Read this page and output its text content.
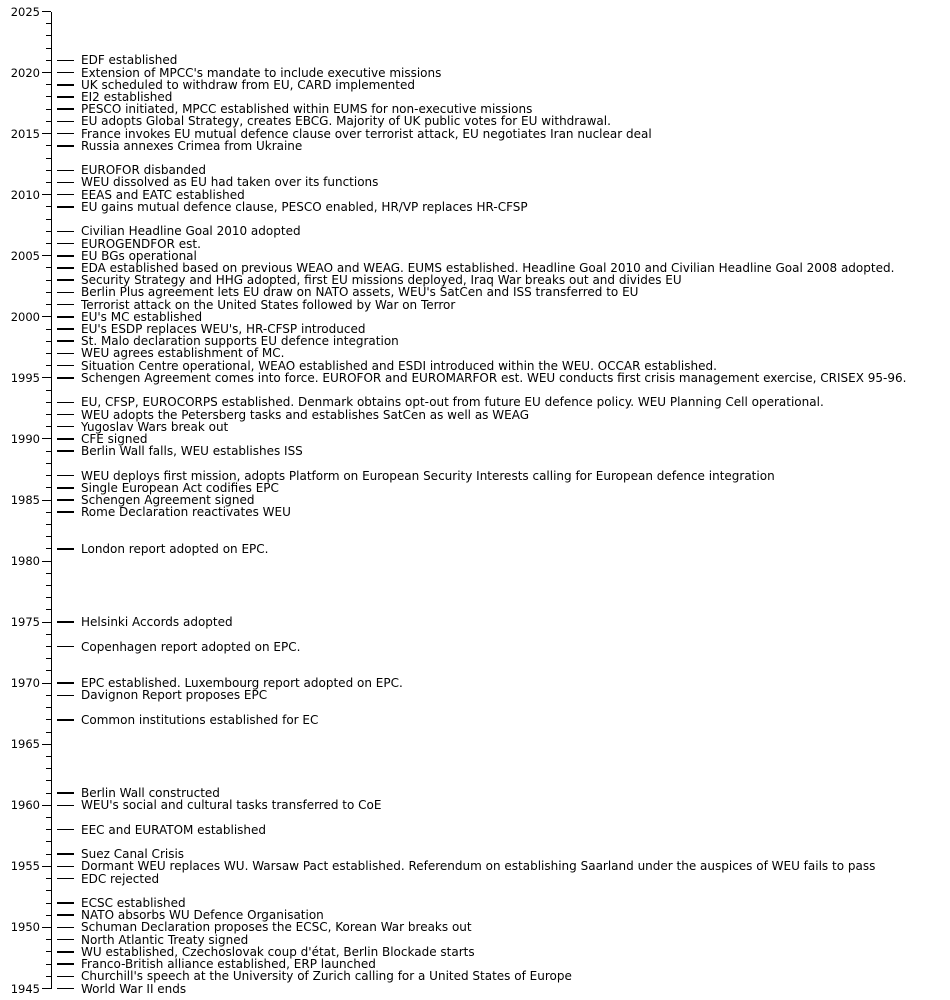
1945
1950
1955
1960
1965
1970
1975
1980
1985
1990
1995
2000
2005
2010
2015
2020
2025
EDF established
Extension of MPCC's mandate to include executive missions
UK scheduled to withdraw from EU, CARD implemented
EI2 established
PESCO initiated, MPCC established within EUMS for non-executive missions
EU adopts Global Strategy, creates EBCG. Majority of UK public votes for EU withdrawal.
France invokes EU mutual defence clause over terrorist attack, EU negotiates Iran nuclear deal
Russia annexes Crimea from Ukraine
EUROFOR disbanded
WEU dissolved as EU had taken over its functions
EEAS and EATC established
EU gains mutual defence clause, PESCO enabled, HR/VP replaces HR-CFSP
Civilian Headline Goal 2010 adopted
EUROGENDFOR est.
EU BGs operational
EDA established based on previous WEAO and WEAG. EUMS established. Headline Goal 2010 and Civilian Headline Goal 2008 adopted.
Security Strategy and HHG adopted, first EU missions deployed, Iraq War breaks out and divides EU
Berlin Plus agreement lets EU draw on NATO assets, WEU's SatCen and ISS transferred to EU
Terrorist attack on the United States followed by War on Terror
EU's MC established
EU's ESDP replaces WEU's, HR-CFSP introduced
St. Malo declaration supports EU defence integration
WEU agrees establishment of MC.
Situation Centre operational, WEAO established and ESDI introduced within the WEU. OCCAR established.
Schengen Agreement comes into force. EUROFOR and EUROMARFOR est. WEU conducts first crisis management exercise, CRISEX 95-96.
EU, CFSP, EUROCORPS established. Denmark obtains opt-out from future EU defence policy. WEU Planning Cell operational.
WEU adopts the Petersberg tasks and establishes SatCen as well as WEAG
Yugoslav Wars break out
CFE signed
Berlin Wall falls, WEU establishes ISS
WEU deploys first mission, adopts Platform on European Security Interests calling for European defence integration
Single European Act codifies EPC
Schengen Agreement signed
Rome Declaration reactivates WEU
London report adopted on EPC.
Helsinki Accords adopted
Copenhagen report adopted on EPC.
EPC established. Luxembourg report adopted on EPC.
Davignon Report proposes EPC
Common institutions established for EC
Berlin Wall constructed
WEU's social and cultural tasks transferred to CoE
EEC and EURATOM established
Suez Canal Crisis
Dormant WEU replaces WU. Warsaw Pact established. Referendum on establishing Saarland under the auspices of WEU fails to pass
EDC rejected
ECSC established
NATO absorbs WU Defence Organisation
Schuman Declaration proposes the ECSC, Korean War breaks out
North Atlantic Treaty signed
WU established, Czechoslovak coup d'état, Berlin Blockade starts
Franco-British alliance established, ERP launched
Churchill's speech at the University of Zurich calling for a United States of Europe
World War II ends
